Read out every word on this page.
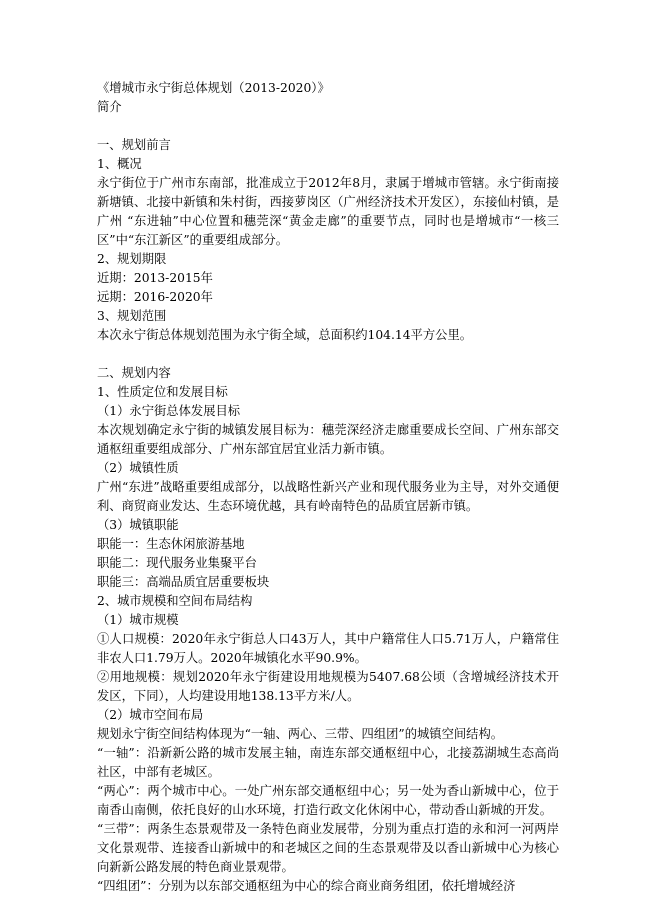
《增城市永宁街总体规划（2013-2020）》
简介
一、规划前言
1、概况
永宁街位于广州市东南部，批准成立于2012年8月，隶属于增城市管辖。永宁街南接新塘镇、北接中新镇和朱村街，西接萝岗区（广州经济技术开发区），东接仙村镇，是广州 “东进轴”中心位置和穗莞深“黄金走廊”的重要节点，同时也是增城市“一核三区”中“东江新区”的重要组成部分。
2、规划期限
近期：2013-2015年
远期：2016-2020年
3、规划范围
本次永宁街总体规划范围为永宁街全域，总面积约104.14平方公里。
二、规划内容
1、性质定位和发展目标
（1）永宁街总体发展目标
本次规划确定永宁街的城镇发展目标为：穗莞深经济走廊重要成长空间、广州东部交通枢纽重要组成部分、广州东部宜居宜业活力新市镇。
（2）城镇性质
广州“东进”战略重要组成部分，以战略性新兴产业和现代服务业为主导，对外交通便利、商贸商业发达、生态环境优越，具有岭南特色的品质宜居新市镇。
（3）城镇职能
职能一：生态休闲旅游基地
职能二：现代服务业集聚平台
职能三：高端品质宜居重要板块
2、城市规模和空间布局结构
（1）城市规模
①人口规模：2020年永宁街总人口43万人，其中户籍常住人口5.71万人，户籍常住非农人口1.79万人。2020年城镇化水平90.9%。
②用地规模：规划2020年永宁街建设用地规模为5407.68公顷（含增城经济技术开发区，下同），人均建设用地138.13平方米/人。
（2）城市空间布局
规划永宁街空间结构体现为“一轴、两心、三带、四组团”的城镇空间结构。
“一轴”：沿新新公路的城市发展主轴，南连东部交通枢纽中心，北接荔湖城生态高尚社区，中部有老城区。
“两心”：两个城市中心。一处广州东部交通枢纽中心；另一处为香山新城中心，位于南香山南侧，依托良好的山水环境，打造行政文化休闲中心，带动香山新城的开发。
“三带”：两条生态景观带及一条特色商业发展带，分别为重点打造的永和河一河两岸文化景观带、连接香山新城中的和老城区之间的生态景观带及以香山新城中心为核心向新新公路发展的特色商业景观带。
“四组团”：分别为以东部交通枢纽为中心的综合商业商务组团，依托增城经济
